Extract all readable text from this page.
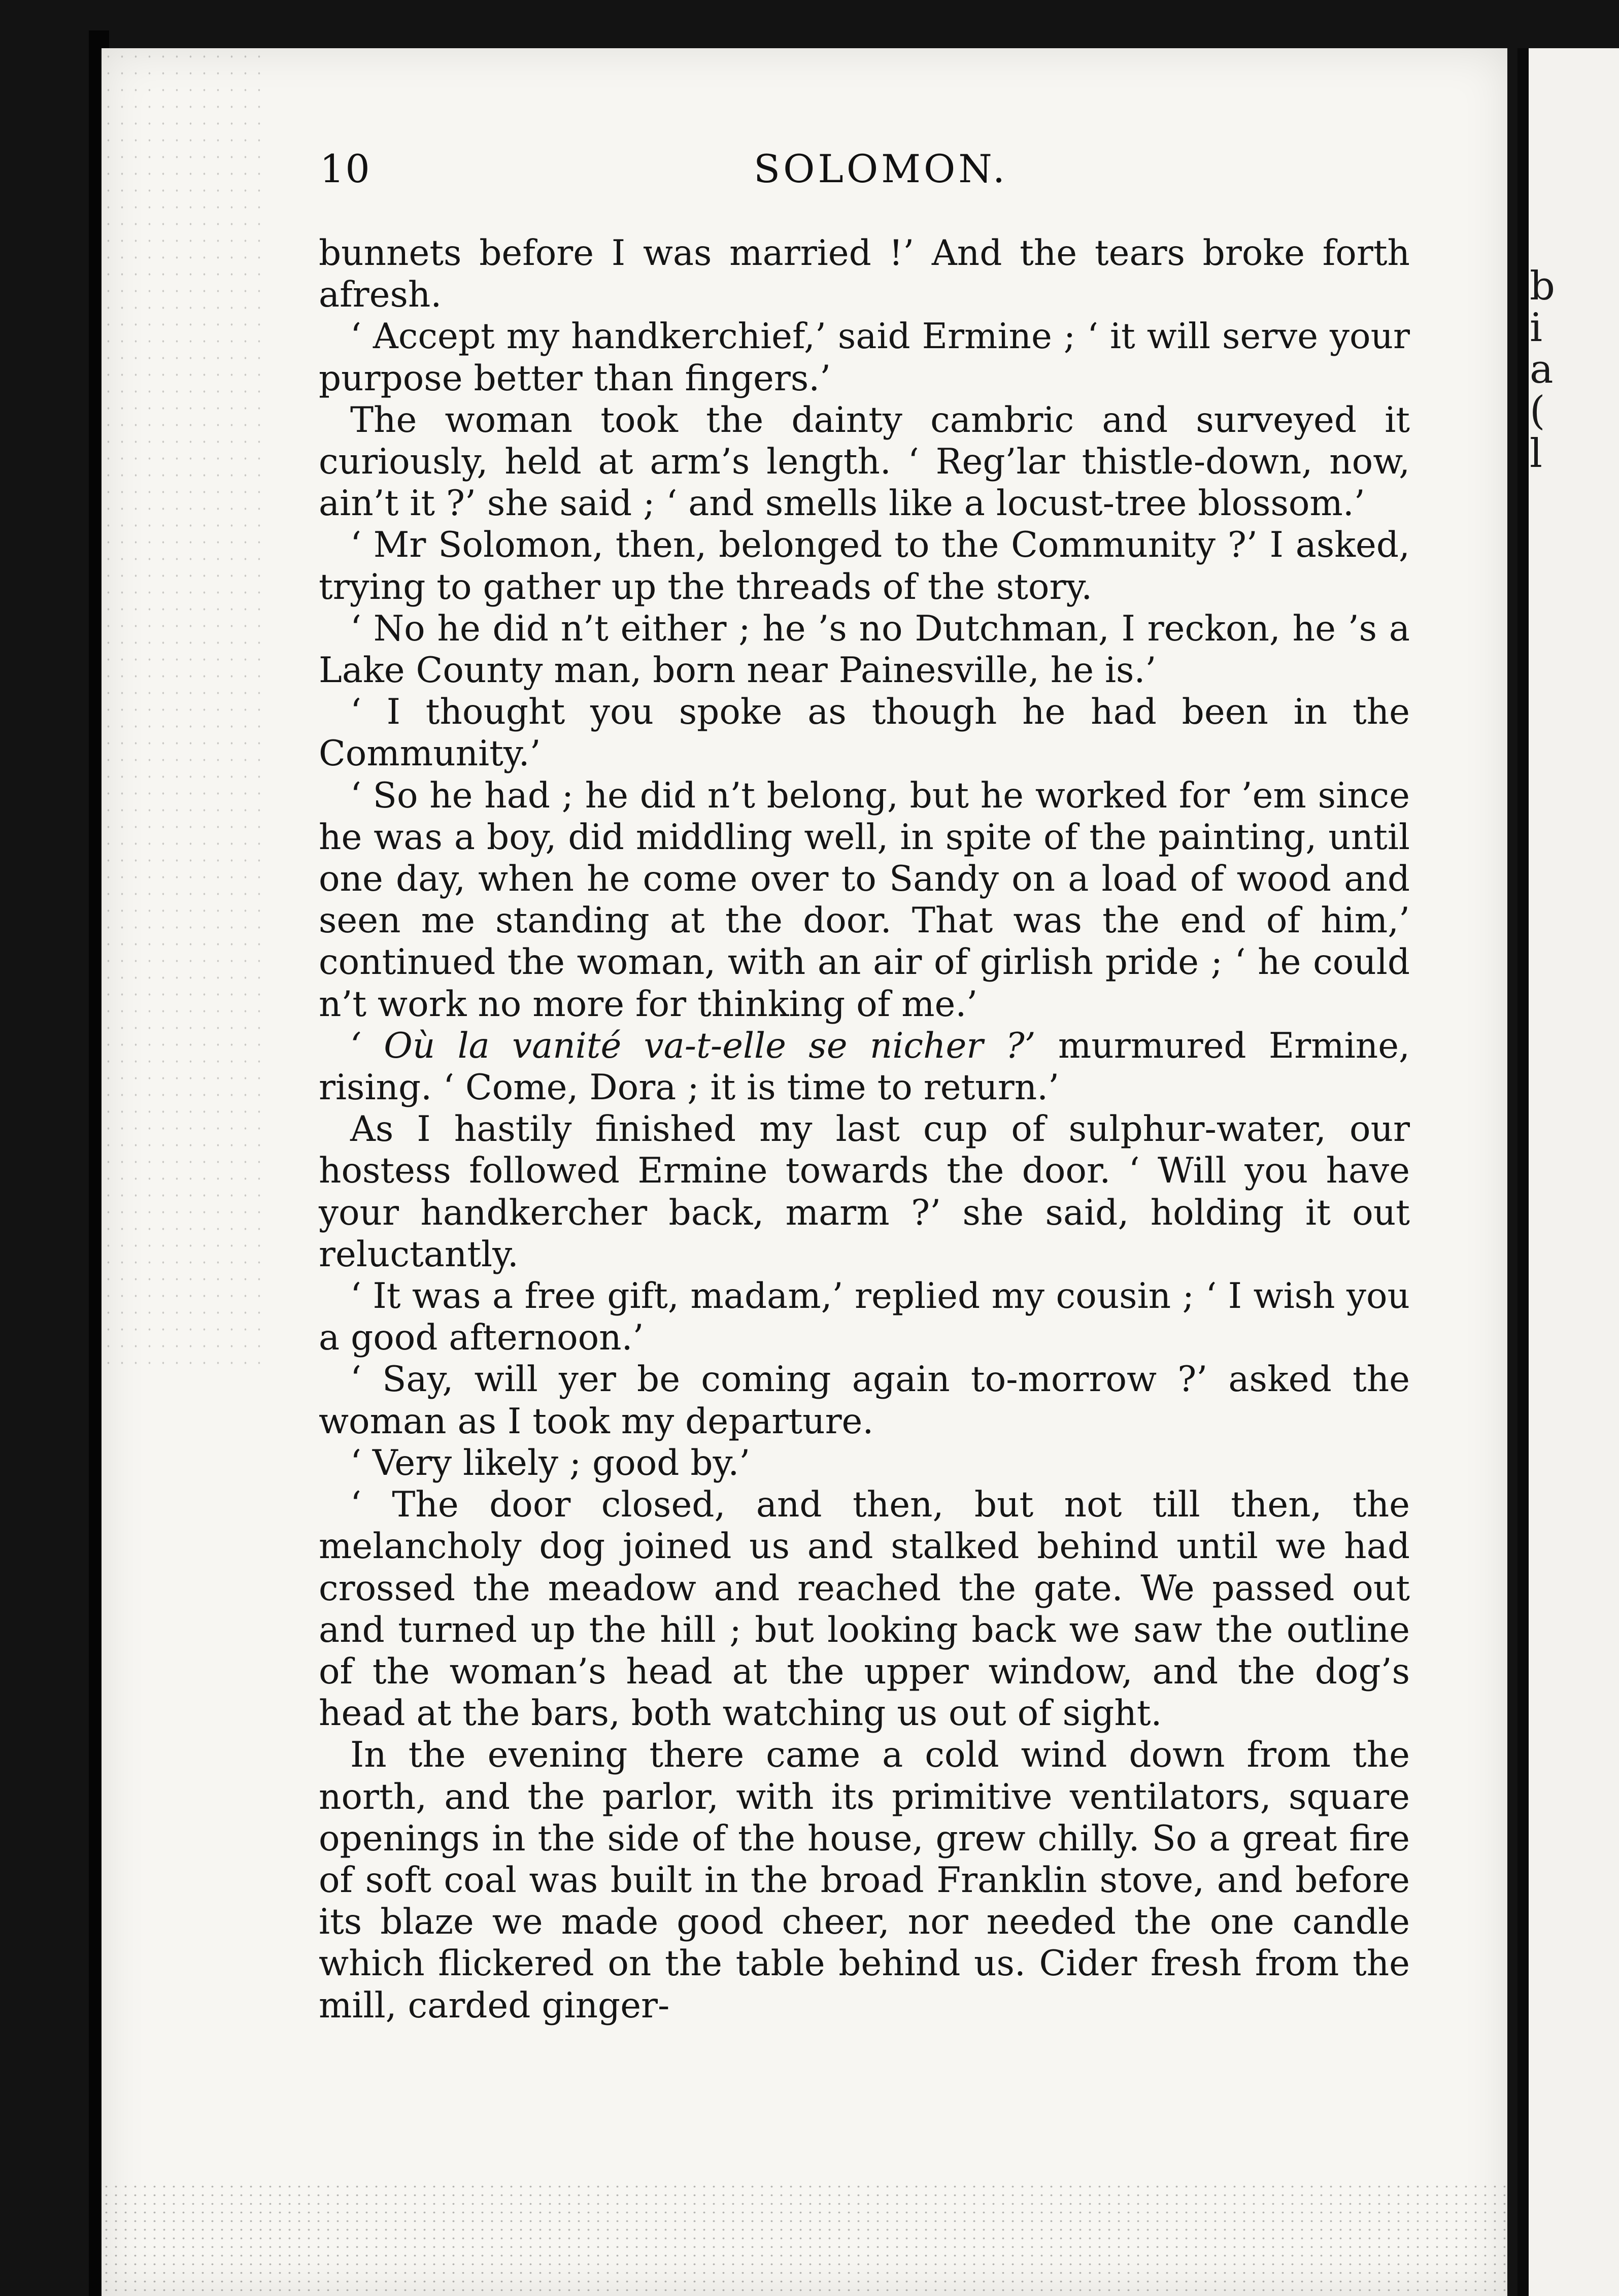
b
i
a
(
l
10	SOLOMON.

bunnets before I was married !’ And the tears broke forth afresh.

‘ Accept my handkerchief,’ said Ermine ; ‘ it will serve your purpose better than fingers.’

The woman took the dainty cambric and surveyed it curiously, held at arm’s length. ‘ Reg’lar thistle-down, now, ain’t it ?’ she said ; ‘ and smells like a locust-tree blossom.’

‘ Mr Solomon, then, belonged to the Community ?’ I asked, trying to gather up the threads of the story.

‘ No he did n’t either ; he ’s no Dutchman, I reckon, he ’s a Lake County man, born near Painesville, he is.’

‘ I thought you spoke as though he had been in the Community.’

‘ So he had ; he did n’t belong, but he worked for ’em since he was a boy, did middling well, in spite of the painting, until one day, when he come over to Sandy on a load of wood and seen me standing at the door. That was the end of him,’ continued the woman, with an air of girlish pride ; ‘ he could n’t work no more for thinking of me.’

‘ Où la vanité va-t-elle se nicher ?’ murmured Ermine, rising. ‘ Come, Dora ; it is time to return.’

As I hastily finished my last cup of sulphur-water, our hostess followed Ermine towards the door. ‘ Will you have your handkercher back, marm ?’ she said, holding it out reluctantly.

‘ It was a free gift, madam,’ replied my cousin ; ‘ I wish you a good afternoon.’

‘ Say, will yer be coming again to-morrow ?’ asked the woman as I took my departure.

‘ Very likely ; good by.’

‘ The door closed, and then, but not till then, the melancholy dog joined us and stalked behind until we had crossed the meadow and reached the gate. We passed out and turned up the hill ; but looking back we saw the outline of the woman’s head at the upper window, and the dog’s head at the bars, both watching us out of sight.

In the evening there came a cold wind down from the north, and the parlor, with its primitive ventilators, square openings in the side of the house, grew chilly. So a great fire of soft coal was built in the broad Franklin stove, and before its blaze we made good cheer, nor needed the one candle which flickered on the table behind us. Cider fresh from the mill, carded ginger-
